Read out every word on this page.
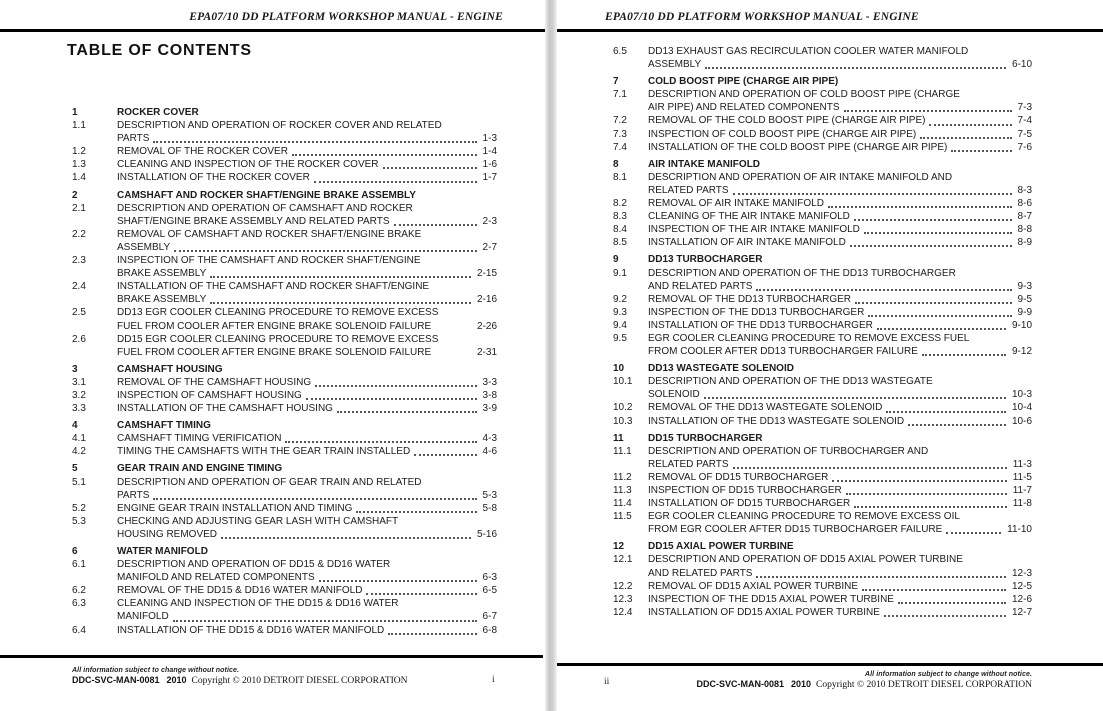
EPA07/10 DD PLATFORM WORKSHOP MANUAL - ENGINE	EPA07/10 DD PLATFORM WORKSHOP MANUAL - ENGINE
TABLE OF CONTENTS
1	ROCKER COVER
1.1	DESCRIPTION AND OPERATION OF ROCKER COVER AND RELATED
PARTS	1-3
1.2	REMOVAL OF THE ROCKER COVER	1-4
1.3	CLEANING AND INSPECTION OF THE ROCKER COVER	1-6
1.4	INSTALLATION OF THE ROCKER COVER	1-7
2	CAMSHAFT AND ROCKER SHAFT/ENGINE BRAKE ASSEMBLY
2.1	DESCRIPTION AND OPERATION OF CAMSHAFT AND ROCKER
SHAFT/ENGINE BRAKE ASSEMBLY AND RELATED PARTS	2-3
2.2	REMOVAL OF CAMSHAFT AND ROCKER SHAFT/ENGINE BRAKE
ASSEMBLY	2-7
2.3	INSPECTION OF THE CAMSHAFT AND ROCKER SHAFT/ENGINE
BRAKE ASSEMBLY	2-15
2.4	INSTALLATION OF THE CAMSHAFT AND ROCKER SHAFT/ENGINE
BRAKE ASSEMBLY	2-16
2.5	DD13 EGR COOLER CLEANING PROCEDURE TO REMOVE EXCESS
FUEL FROM COOLER AFTER ENGINE BRAKE SOLENOID FAILURE	2-26
2.6	DD15 EGR COOLER CLEANING PROCEDURE TO REMOVE EXCESS
FUEL FROM COOLER AFTER ENGINE BRAKE SOLENOID FAILURE	2-31
3	CAMSHAFT HOUSING
3.1	REMOVAL OF THE CAMSHAFT HOUSING	3-3
3.2	INSPECTION OF CAMSHAFT HOUSING	3-8
3.3	INSTALLATION OF THE CAMSHAFT HOUSING	3-9
4	CAMSHAFT TIMING
4.1	CAMSHAFT TIMING VERIFICATION	4-3
4.2	TIMING THE CAMSHAFTS WITH THE GEAR TRAIN INSTALLED	4-6
5	GEAR TRAIN AND ENGINE TIMING
5.1	DESCRIPTION AND OPERATION OF GEAR TRAIN AND RELATED
PARTS	5-3
5.2	ENGINE GEAR TRAIN INSTALLATION AND TIMING	5-8
5.3	CHECKING AND ADJUSTING GEAR LASH WITH CAMSHAFT
HOUSING REMOVED	5-16
6	WATER MANIFOLD
6.1	DESCRIPTION AND OPERATION OF DD15 & DD16 WATER
MANIFOLD AND RELATED COMPONENTS	6-3
6.2	REMOVAL OF THE DD15 & DD16 WATER MANIFOLD	6-5
6.3	CLEANING AND INSPECTION OF THE DD15 & DD16 WATER
MANIFOLD	6-7
6.4	INSTALLATION OF THE DD15 & DD16 WATER MANIFOLD	6-8
6.5	DD13 EXHAUST GAS RECIRCULATION COOLER WATER MANIFOLD
ASSEMBLY	6-10
7	COLD BOOST PIPE (CHARGE AIR PIPE)
7.1	DESCRIPTION AND OPERATION OF COLD BOOST PIPE (CHARGE
AIR PIPE) AND RELATED COMPONENTS	7-3
7.2	REMOVAL OF THE COLD BOOST PIPE (CHARGE AIR PIPE)	7-4
7.3	INSPECTION OF COLD BOOST PIPE (CHARGE AIR PIPE)	7-5
7.4	INSTALLATION OF THE COLD BOOST PIPE (CHARGE AIR PIPE)	7-6
8	AIR INTAKE MANIFOLD
8.1	DESCRIPTION AND OPERATION OF AIR INTAKE MANIFOLD AND
RELATED PARTS	8-3
8.2	REMOVAL OF AIR INTAKE MANIFOLD	8-6
8.3	CLEANING OF THE AIR INTAKE MANIFOLD	8-7
8.4	INSPECTION OF THE AIR INTAKE MANIFOLD	8-8
8.5	INSTALLATION OF AIR INTAKE MANIFOLD	8-9
9	DD13 TURBOCHARGER
9.1	DESCRIPTION AND OPERATION OF THE DD13 TURBOCHARGER
AND RELATED PARTS	9-3
9.2	REMOVAL OF THE DD13 TURBOCHARGER	9-5
9.3	INSPECTION OF THE DD13 TURBOCHARGER	9-9
9.4	INSTALLATION OF THE DD13 TURBOCHARGER	9-10
9.5	EGR COOLER CLEANING PROCEDURE TO REMOVE EXCESS FUEL
FROM COOLER AFTER DD13 TURBOCHARGER FAILURE	9-12
10	DD13 WASTEGATE SOLENOID
10.1	DESCRIPTION AND OPERATION OF THE DD13 WASTEGATE
SOLENOID	10-3
10.2	REMOVAL OF THE DD13 WASTEGATE SOLENOID	10-4
10.3	INSTALLATION OF THE DD13 WASTEGATE SOLENOID	10-6
11	DD15 TURBOCHARGER
11.1	DESCRIPTION AND OPERATION OF TURBOCHARGER AND
RELATED PARTS	11-3
11.2	REMOVAL OF DD15 TURBOCHARGER	11-5
11.3	INSPECTION OF DD15 TURBOCHARGER	11-7
11.4	INSTALLATION OF DD15 TURBOCHARGER	11-8
11.5	EGR COOLER CLEANING PROCEDURE TO REMOVE EXCESS OIL
FROM EGR COOLER AFTER DD15 TURBOCHARGER FAILURE	11-10
12	DD15 AXIAL POWER TURBINE
12.1	DESCRIPTION AND OPERATION OF DD15 AXIAL POWER TURBINE
AND RELATED PARTS	12-3
12.2	REMOVAL OF DD15 AXIAL POWER TURBINE	12-5
12.3	INSPECTION OF THE DD15 AXIAL POWER TURBINE	12-6
12.4	INSTALLATION OF DD15 AXIAL POWER TURBINE	12-7
All information subject to change without notice.
DDC-SVC-MAN-0081 2010 Copyright © 2010 DETROIT DIESEL CORPORATION	i
All information subject to change without notice.
DDC-SVC-MAN-0081 2010 Copyright © 2010 DETROIT DIESEL CORPORATION
ii
